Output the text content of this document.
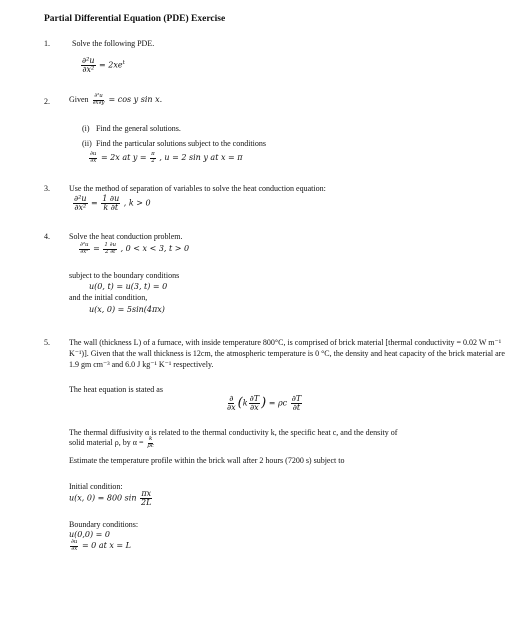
Partial Differential Equation (PDE) Exercise
1.	Solve the following PDE.
$\frac{\text{∂²u}}{\text{∂x²}} = 2xe^t$
2. Given $\frac{\text{∂²u}}{\partial x\partial y} = \cos y$ sin x.
(i) Find the general solutions.
(ii) Find the particular solutions subject to the conditions
$\frac{\partial u}{\partial x} = 2x$ at $y = \frac{\pi}{2}$ , u = 2 sin y at x = π
3. Use the method of separation of variables to solve the heat conduction equation:
$\frac{\text{∂²u}}{\text{∂x²}} = \frac{1 \partial u}{k \partial t}$ , k > 0
4. Solve the heat conduction problem.
$\frac{\text{∂²u}}{\text{∂x²}} = \frac{1 \partial u}{2 \partial t}$ , 0 < x < 3, t > 0
subject to the boundary conditions
u(0, t) = u(3, t) = 0
and the initial condition,
u(x, 0) = 5sin(4πx)
5. The wall (thickness L) of a furnace, with inside temperature 800°C, is comprised of brick material [thermal conductivity = 0.02 W m⁻¹ K⁻¹)]. Given that the wall thickness is 12cm, the atmospheric temperature is 0 °C, the density and heat capacity of the brick material are 1.9 gm cm⁻³ and 6.0 J kg⁻¹ K⁻¹ respectively.
The heat equation is stated as
$\frac{\partial}{\partial x} (k \frac{\partial T}{\partial x}$ ) = ρc $\frac{\partial T}{\partial t}$
The thermal diffusivity α is related to the thermal conductivity k, the specific heat c, and the density of
solid material ρ, by $\alpha = \frac{k}{\rho c}$
Estimate the temperature profile within the brick wall after 2 hours (7200 s) subject to
Initial condition:
u(x, 0) = 800 $\sin \frac{\pi x}{2L}$
Boundary conditions:
u(0,0) = 0
$\frac{\partial u}{\partial x} = 0$ at x = L
